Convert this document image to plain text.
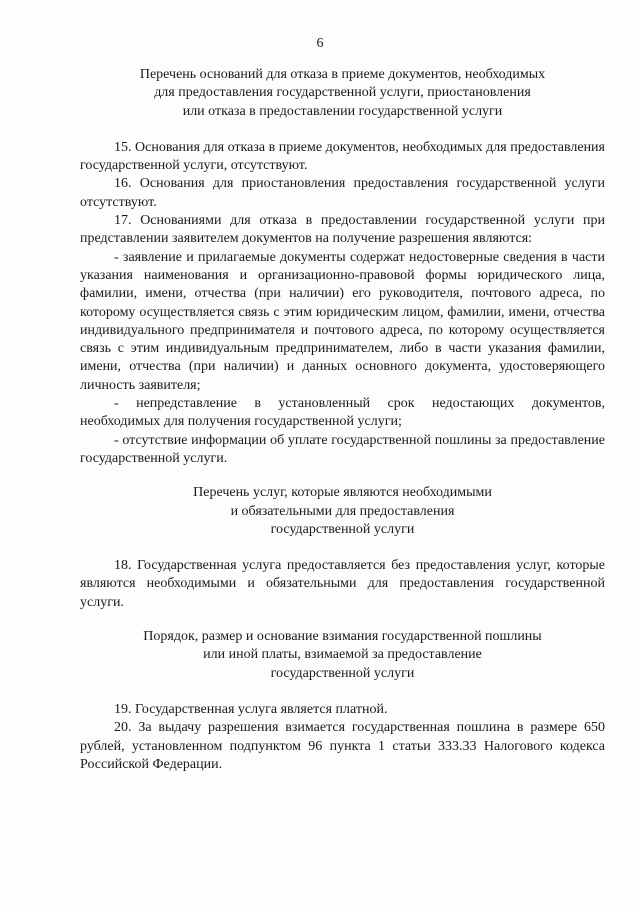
6
Перечень оснований для отказа в приеме документов, необходимых
для предоставления государственной услуги, приостановления
или отказа в предоставлении государственной услуги

15. Основания для отказа в приеме документов, необходимых для предоставления государственной услуги, отсутствуют.

16. Основания для приостановления предоставления государственной услуги отсутствуют.

17. Основаниями для отказа в предоставлении государственной услуги при представлении заявителем документов на получение разрешения являются:

- заявление и прилагаемые документы содержат недостоверные сведения в части указания наименования и организационно-правовой формы юридического лица, фамилии, имени, отчества (при наличии) его руководителя, почтового адреса, по которому осуществляется связь с этим юридическим лицом, фамилии, имени, отчества индивидуального предпринимателя и почтового адреса, по которому осуществляется связь с этим индивидуальным предпринимателем, либо в части указания фамилии, имени, отчества (при наличии) и данных основного документа, удостоверяющего личность заявителя;

- непредставление в установленный срок недостающих документов, необходимых для получения государственной услуги;

- отсутствие информации об уплате государственной пошлины за предоставление государственной услуги.

Перечень услуг, которые являются необходимыми
и обязательными для предоставления
государственной услуги

18. Государственная услуга предоставляется без предоставления услуг, которые являются необходимыми и обязательными для предоставления государственной услуги.

Порядок, размер и основание взимания государственной пошлины
или иной платы, взимаемой за предоставление
государственной услуги

19. Государственная услуга является платной.

20. За выдачу разрешения взимается государственная пошлина в размере 650 рублей, установленном подпунктом 96 пункта 1 статьи 333.33 Налогового кодекса Российской Федерации.
